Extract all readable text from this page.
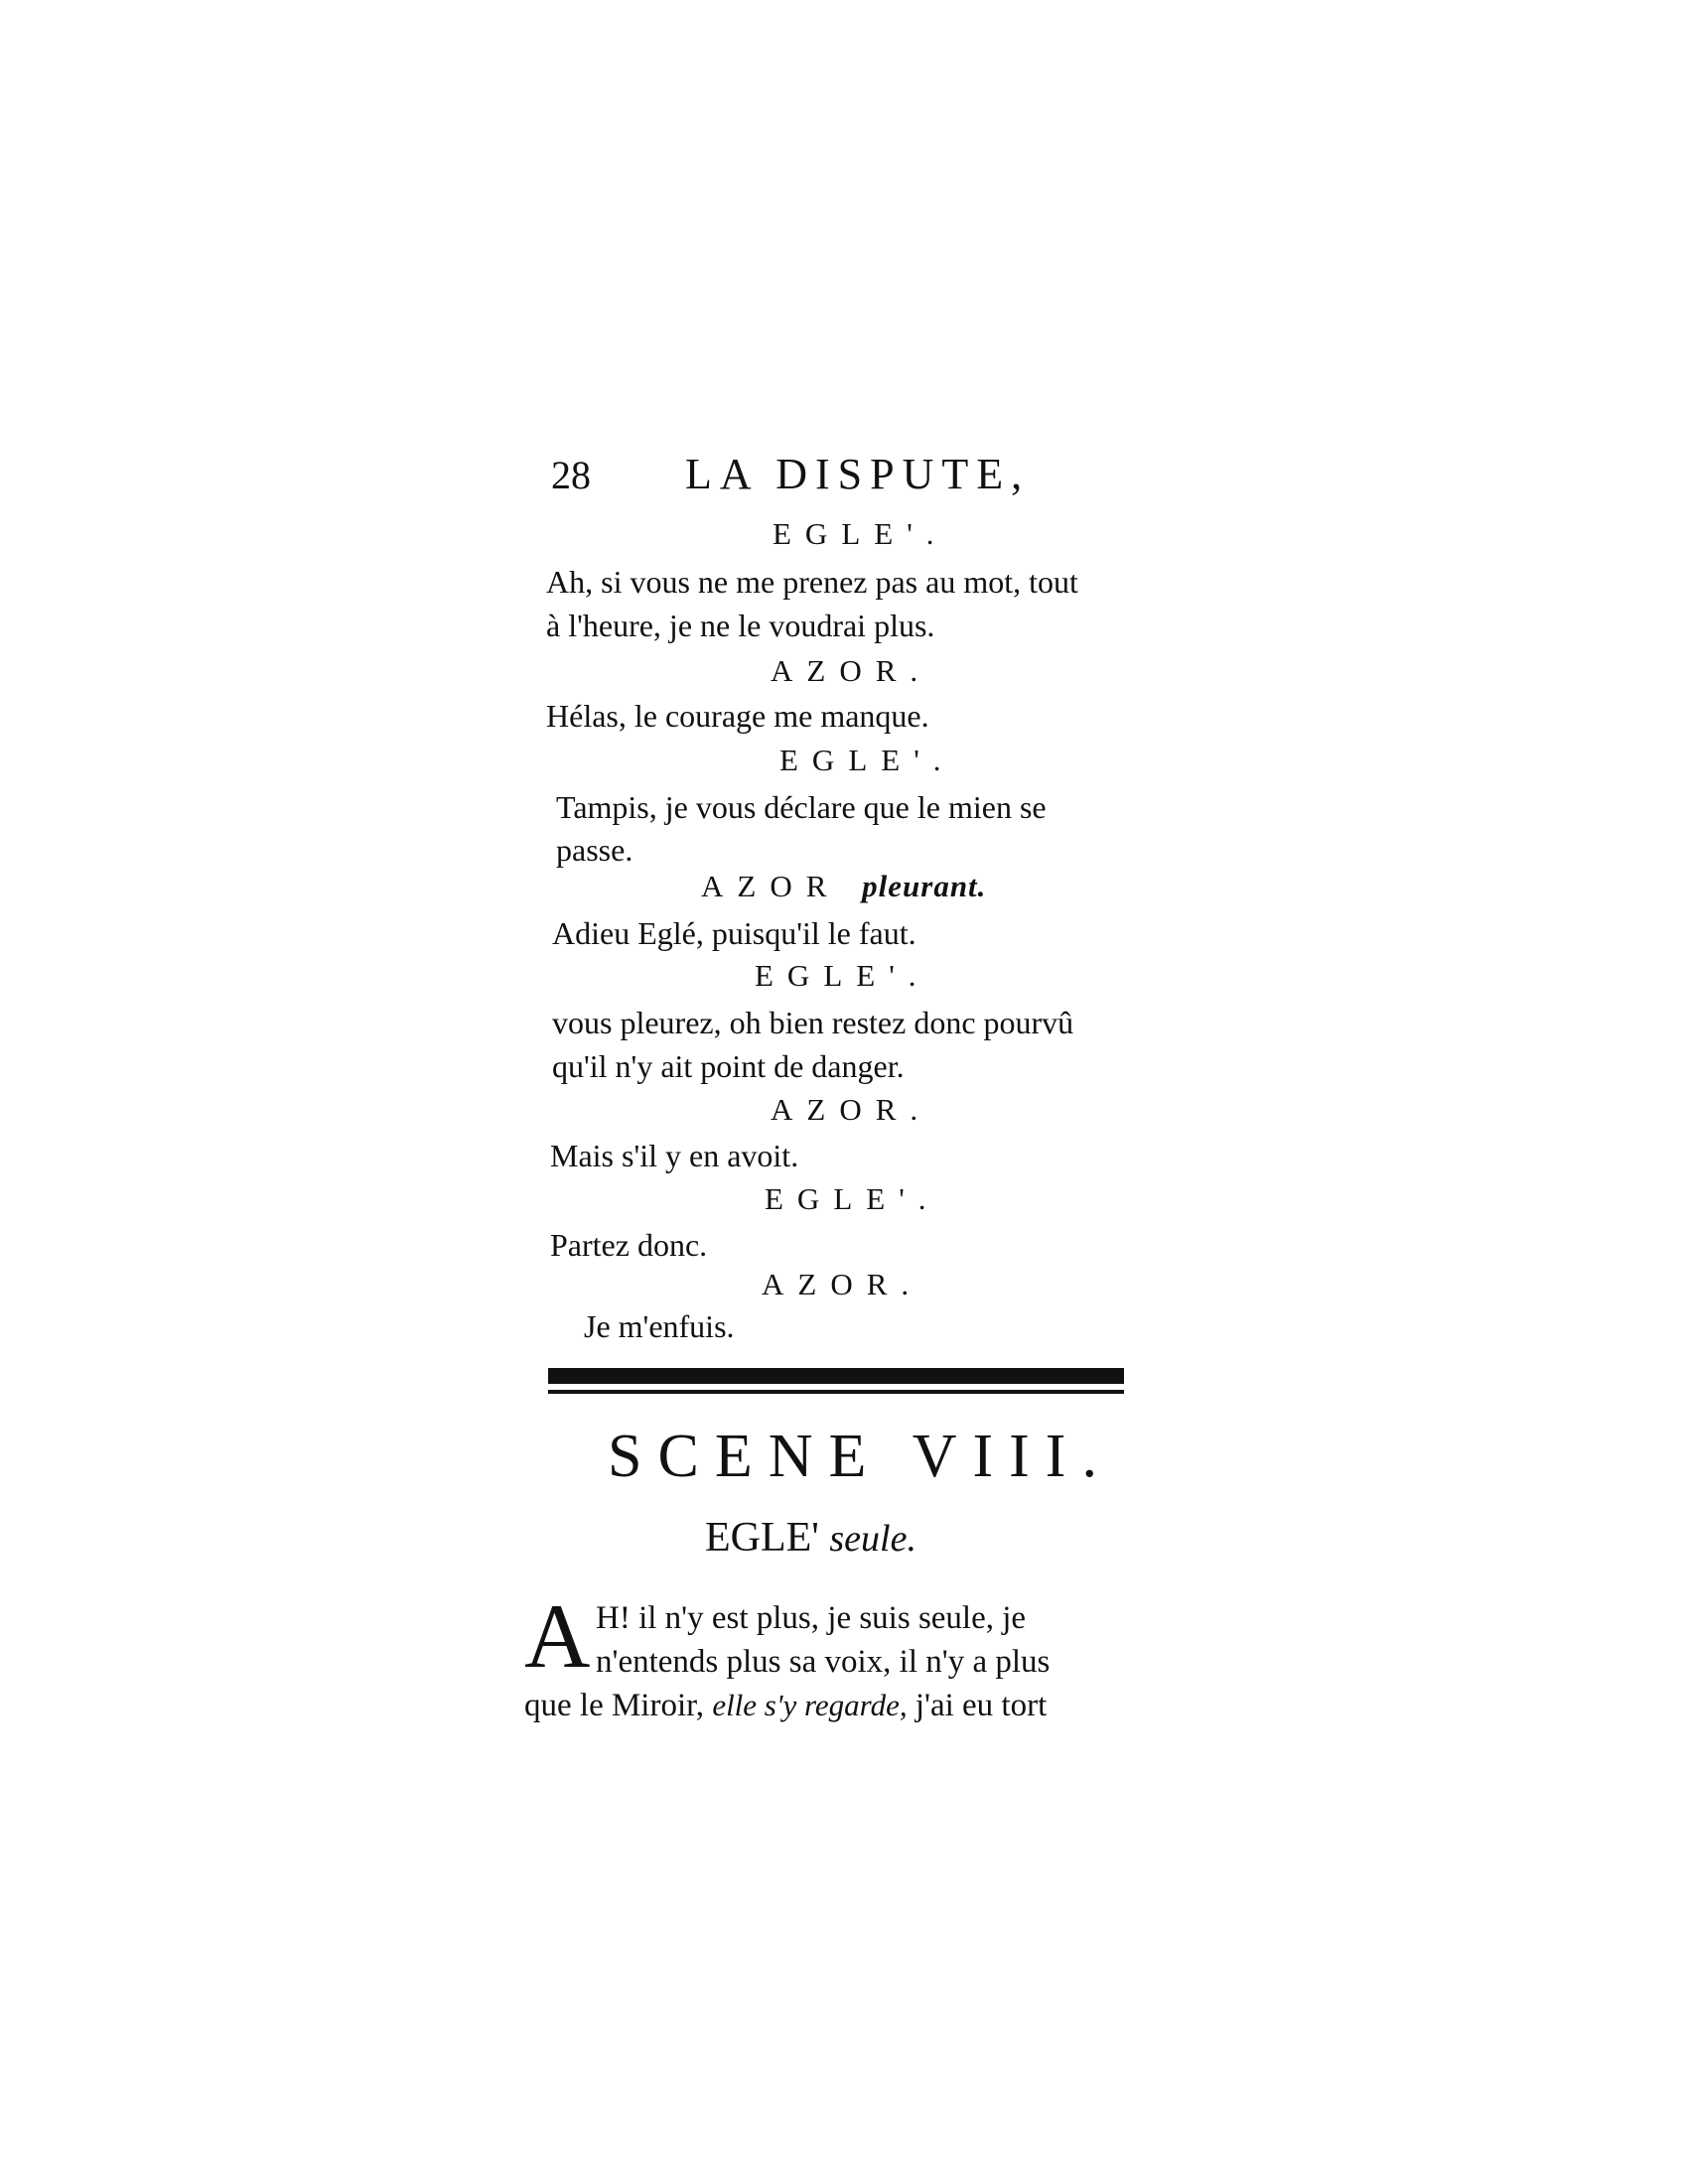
28 LA DISPUTE,
EGLE'.
Ah, si vous ne me prenez pas au mot, tout
à l'heure, je ne le voudrai plus.
AZOR.
Hélas, le courage me manque.
EGLE'.
Tampis, je vous déclare que le mien se
passe.
AZOR pleurant.
Adieu Eglé, puisqu'il le faut.
EGLE'.
vous pleurez, oh bien restez donc pourvû
qu'il n'y ait point de danger.
AZOR.
Mais s'il y en avoit.
EGLE'.
Partez donc.
AZOR.
Je m'enfuis.
SCENE VIII.
EGLE' seule.
A H! il n'y est plus, je suis seule, je
n'entends plus sa voix, il n'y a plus
que le Miroir, elle s'y regarde, j'ai eu tort
